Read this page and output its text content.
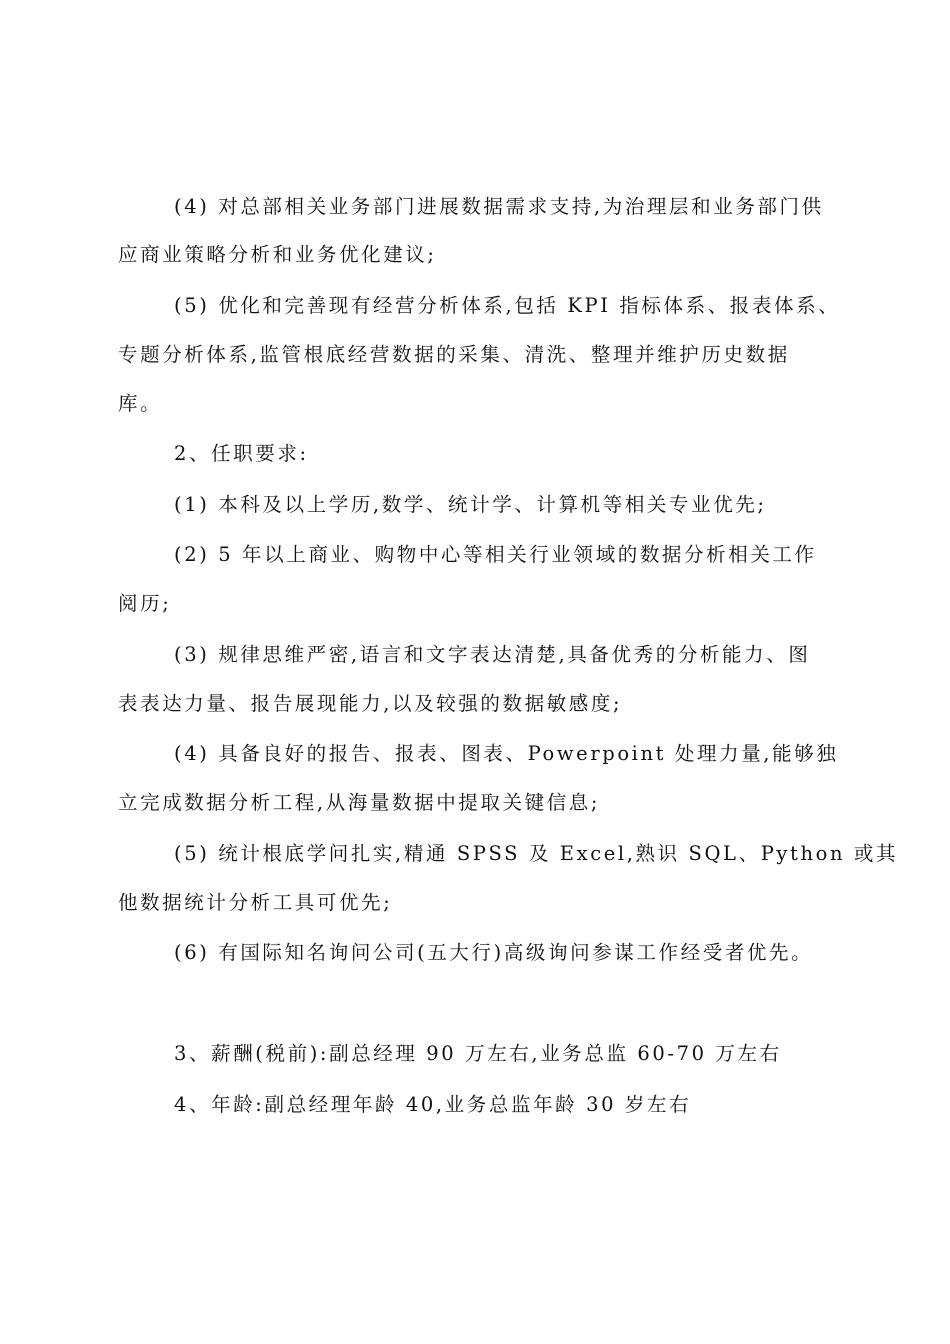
(4) 对总部相关业务部门进展数据需求支持,为治理层和业务部门供

应商业策略分析和业务优化建议;

(5) 优化和完善现有经营分析体系,包括 KPI 指标体系、报表体系、

专题分析体系,监管根底经营数据的采集、清洗、整理并维护历史数据

库。

2、任职要求:

(1) 本科及以上学历,数学、统计学、计算机等相关专业优先;

(2) 5 年以上商业、购物中心等相关行业领域的数据分析相关工作

阅历;

(3) 规律思维严密,语言和文字表达清楚,具备优秀的分析能力、图

表表达力量、报告展现能力,以及较强的数据敏感度;

(4) 具备良好的报告、报表、图表、Powerpoint 处理力量,能够独

立完成数据分析工程,从海量数据中提取关键信息;

(5) 统计根底学问扎实,精通 SPSS 及 Excel,熟识 SQL、Python 或其

他数据统计分析工具可优先;

(6) 有国际知名询问公司(五大行)高级询问参谋工作经受者优先。

3、薪酬(税前):副总经理 90 万左右,业务总监 60-70 万左右

4、年龄:副总经理年龄 40,业务总监年龄 30 岁左右
